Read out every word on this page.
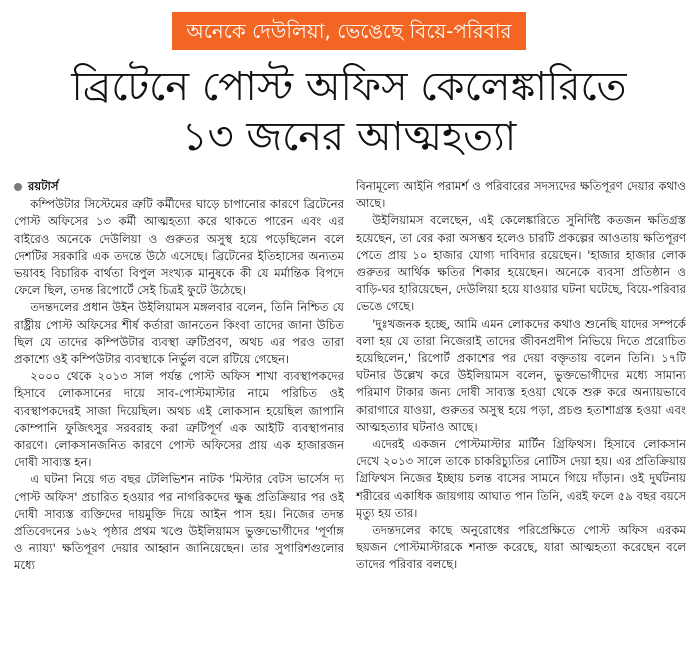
অনেকে দেউলিয়া, ভেঙেছে বিয়ে-পরিবার
ব্রিটেনে পোস্ট অফিস কেলেঙ্কারিতে
১৩ জনের আত্মহত্যা
রয়টার্স

কম্পিউটার সিস্টেমের ত্রুটি কর্মীদের ঘাড়ে চাপানোর কারণে ব্রিটেনের পোস্ট অফিসের ১৩ কর্মী আত্মহত্যা করে থাকতে পারেন এবং এর বাইরেও অনেকে দেউলিয়া ও গুরুতর অসুস্থ হয়ে পড়েছিলেন বলে দেশটির সরকারি এক তদন্তে উঠে এসেছে। ব্রিটেনের ইতিহাসের অন্যতম ভয়াবহ বিচারিক বার্থতা বিপুল সংখ্যক মানুষকে কী যে মর্মান্তিক বিপদে ফেলে ছিল, তদন্ত রিপোর্টে সেই চিত্রই ফুটে উঠেছে।

তদন্তদলের প্রধান উইন উইলিয়ামস মঙ্গলবার বলেন, তিনি নিশ্চিত যে রাষ্ট্রীয় পোস্ট অফিসের শীর্ষ কর্তারা জানতেন কিংবা তাদের জানা উচিত ছিল যে তাদের কম্পিউটার ব্যবস্থা ত্রুটিপ্রবণ, অথচ এর পরও তারা প্রকাশ্যে ওই কম্পিউটার ব্যবস্থাকে নির্ভুল বলে রটিয়ে গেছেন।

২০০০ থেকে ২০১৩ সাল পর্যন্ত পোস্ট অফিস শাখা ব্যবস্থাপকদের হিসাবে লোকসানের দায়ে সাব-পোস্টমাস্টার নামে পরিচিত ওই ব্যবস্থাপকদেরই সাজা দিয়েছিল। অথচ এই লোকসান হয়েছিল জাপানি কোম্পানি ফুজিৎসুর সরবরাহ করা ত্রুটিপূর্ণ এক আইটি ব্যবস্থাপনার কারণে। লোকসানজনিত কারণে পোস্ট অফিসের প্রায় এক হাজারজন দোষী সাব্যস্ত হন।

এ ঘটনা নিয়ে গত বছর টেলিভিশন নাটক 'মিস্টার বেটস ভার্সেস দ্য পোস্ট অফিস' প্রচারিত হওয়ার পর নাগরিকদের ক্ষুব্ধ প্রতিক্রিয়ার পর ওই দোষী সাব্যস্ত ব্যক্তিদের দায়মুক্তি দিয়ে আইন পাস হয়। নিজের তদন্ত প্রতিবেদনের ১৬২ পৃষ্ঠার প্রথম খণ্ডে উইলিয়ামস ভুক্তভোগীদের 'পূর্ণাঙ্গ ও ন্যায্য' ক্ষতিপূরণ দেয়ার আহ্বান জানিয়েছেন। তার সুপারিশগুলোর মধ্যে

বিনামূল্যে আইনি পরামর্শ ও পরিবারের সদস্যদের ক্ষতিপূরণ দেয়ার কথাও আছে।

উইলিয়ামস বলেছেন, এই কেলেঙ্কারিতে সুনির্দিষ্ট কতজন ক্ষতিগ্রস্ত হয়েছেন, তা বের করা অসম্ভব হলেও চারটি প্রকল্পের আওতায় ক্ষতিপূরণ পেতে প্রায় ১০ হাজার যোগ্য দাবিদার রয়েছেন। 'হাজার হাজার লোক গুরুতর আর্থিক ক্ষতির শিকার হয়েছেন। অনেকে ব্যবসা প্রতিষ্ঠান ও বাড়ি-ঘর হারিয়েছেন, দেউলিয়া হয়ে যাওয়ার ঘটনা ঘটেছে, বিয়ে-পরিবার ভেঙে গেছে।

'দুঃখজনক হচ্ছে, আমি এমন লোকদের কথাও শুনেছি যাদের সম্পর্কে বলা হয় যে তারা নিজেরাই তাদের জীবনপ্রদীপ নিভিয়ে দিতে প্ররোচিত হয়েছিলেন,' রিপোর্ট প্রকাশের পর দেয়া বক্তৃতায় বলেন তিনি। ১৭টি ঘটনার উল্লেখ করে উইলিয়ামস বলেন, ভুক্তভোগীদের মধ্যে সামান্য পরিমাণ টাকার জন্য দোষী সাব্যস্ত হওয়া থেকে শুরু করে অন্যায়ভাবে কারাগারে যাওয়া, গুরুতর অসুস্থ হয়ে পড়া, প্রচণ্ড হতাশাগ্রস্ত হওয়া এবং আত্মহত্যার ঘটনাও আছে।

এদেরই একজন পোস্টমাস্টার মার্টিন গ্রিফিথস। হিসাবে লোকসান দেখে ২০১৩ সালে তাকে চাকরিচ্যুতির নোটিস দেয়া হয়। এর প্রতিক্রিয়ায় গ্রিফিথস নিজের ইচ্ছায় চলন্ত বাসের সামনে গিয়ে দাঁড়ান। ওই দুর্ঘটনায় শরীরের একাধিক জায়গায় আঘাত পান তিনি, এরই ফলে ৫৯ বছর বয়সে মৃত্যু হয় তার।

তদন্তদলের কাছে অনুরোধের পরিপ্রেক্ষিতে পোস্ট অফিস এরকম ছয়জন পোস্টমাস্টারকে শনাক্ত করেছে, যারা আত্মহত্যা করেছেন বলে তাদের পরিবার বলছে।
